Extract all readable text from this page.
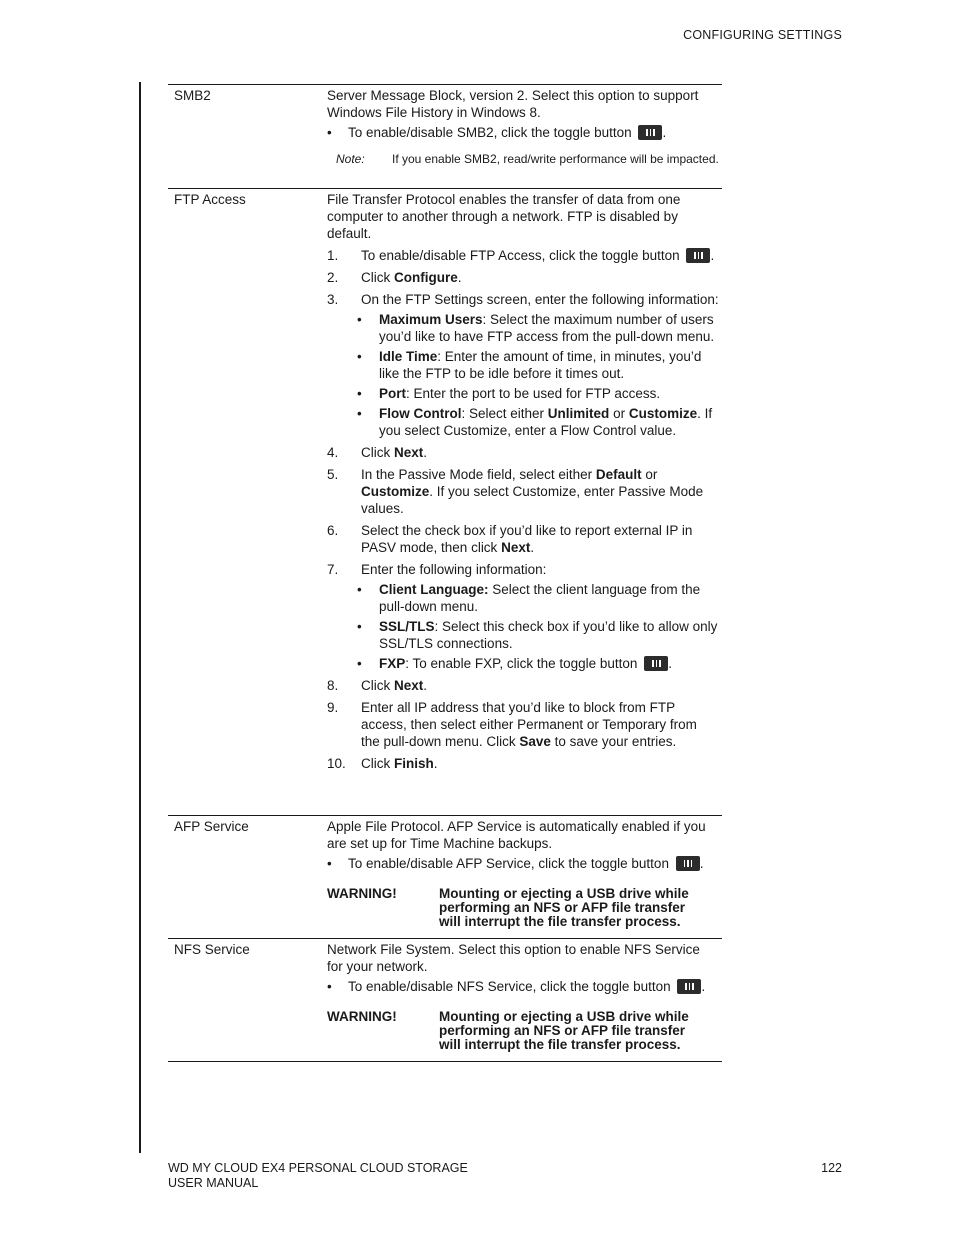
CONFIGURING SETTINGS
SMB2	Server Message Block, version 2. Select this option to support Windows File History in Windows 8.

• To enable/disable SMB2, click the toggle button .
Note: If you enable SMB2, read/write performance will be impacted.
FTP Access	File Transfer Protocol enables the transfer of data from one computer to another through a network. FTP is disabled by default.

1. To enable/disable FTP Access, click the toggle button .
2. Click Configure.
3. On the FTP Settings screen, enter the following information:
• Maximum Users: Select the maximum number of users you’d like to have FTP access from the pull-down menu.
• Idle Time: Enter the amount of time, in minutes, you’d like the FTP to be idle before it times out.
• Port: Enter the port to be used for FTP access.
• Flow Control: Select either Unlimited or Customize. If you select Customize, enter a Flow Control value.
4. Click Next.
5. In the Passive Mode field, select either Default or Customize. If you select Customize, enter Passive Mode values.
6. Select the check box if you’d like to report external IP in PASV mode, then click Next.
7. Enter the following information:
• Client Language: Select the client language from the pull-down menu.
• SSL/TLS: Select this check box if you’d like to allow only SSL/TLS connections.
• FXP: To enable FXP, click the toggle button .
8. Click Next.
9. Enter all IP address that you’d like to block from FTP access, then select either Permanent or Temporary from the pull-down menu. Click Save to save your entries.
10. Click Finish.
AFP Service	Apple File Protocol. AFP Service is automatically enabled if you are set up for Time Machine backups.

• To enable/disable AFP Service, click the toggle button .
WARNING!	Mounting or ejecting a USB drive while performing an NFS or AFP file transfer will interrupt the file transfer process.
NFS Service	Network File System. Select this option to enable NFS Service for your network.

• To enable/disable NFS Service, click the toggle button .
WARNING!	Mounting or ejecting a USB drive while performing an NFS or AFP file transfer will interrupt the file transfer process.
WD MY CLOUD EX4 PERSONAL CLOUD STORAGE
USER MANUAL
122
